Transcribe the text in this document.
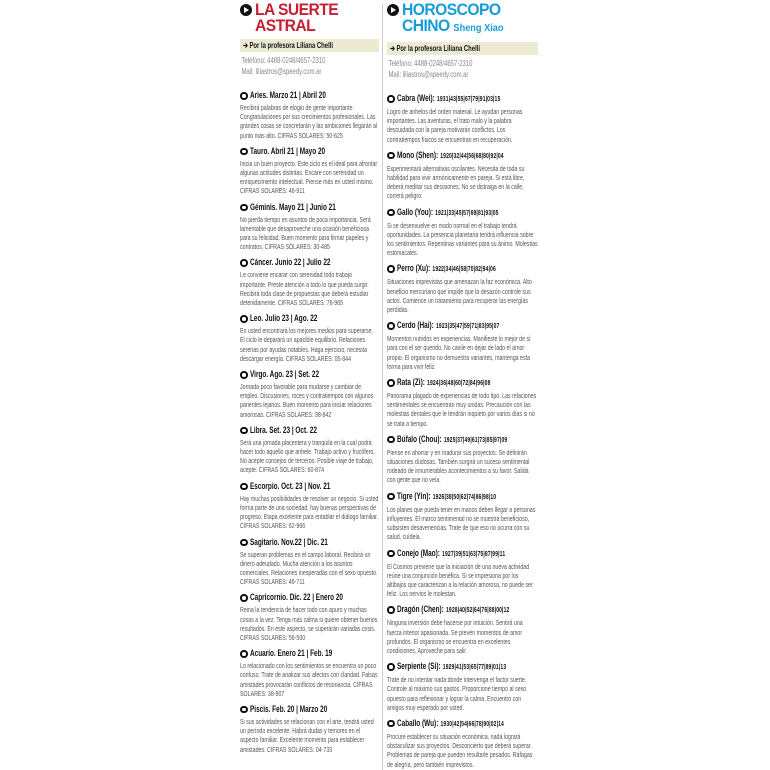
LA SUERTE
ASTRAL
➔Por la profesora Liliana Chelli
Teléfono: 4488-0248/4657-2310
Mail: liliastros@speedy.com.ar
Aries. Marzo 21 | Abril 20

Recibirá palabras de elogio de gente importante. Congratulaciones por sus crecimientos profesionales. Las grandes cosas se concretarán y las ambiciones llegarán al punto más alto. CIFRAS SOLARES: 50-625

Tauro. Abril 21 | Mayo 20

Inicia un buen proyecto. Este ciclo es el ideal para afrontar algunas actitudes distintas. Encare con serenidad un enriquecimiento intelectual. Piense más en usted mismo. CIFRAS SOLARES: 46-911

Géminis. Mayo 21 | Junio 21

No pierda tiempo en asuntos de poca importancia. Será lamentable que desaproveche una ocasión beneficiosa para su felicidad. Buen momento para firmar papeles y contratos. CIFRAS SOLARES: 30-485

Cáncer. Junio 22 | Julio 22

Le conviene encarar con serenidad todo trabajo importante. Preste atención a todo lo que pueda surgir. Recibirá toda clase de propuestas que deberá estudiar detenidamente. CIFRAS SOLARES: 76-965

Leo. Julio 23 | Ago. 22

En usted encontrará los mejores medios para superarse. El ciclo le deparará un apacible equilibrio. Relaciones serenas por ayudas notables. Haga ejercicio, necesita descargar energía. CIFRAS SOLARES: 05-844

Virgo. Ago. 23 | Set. 22

Jornada poco favorable para mudarse y cambiar de empleo. Discusiones, roces y contratiempos con algunos parientes lejanos. Buen momento para iniciar relaciones amorosas. CIFRAS SOLARES: 38-842

Libra. Set. 23 | Oct. 22

Será una jornada placentera y tranquila en la cual podrá hacer todo aquello que anhele. Trabajo activo y fructífero. No acepte consejos de terceros. Posible viaje de trabajo, acepte. CIFRAS SOLARES: 60-874

Escorpio. Oct. 23 | Nov. 21

Hay muchas posibilidades de resolver un negocio. Si usted forma parte de una sociedad, hay buenas perspectivas de progreso. Etapa excelente para entablar el diálogo familiar. CIFRAS SOLARES: 62-966

Sagitario. Nov.22 | Dic. 21

Se superan problemas en el campo laboral. Recibirá un dinero adeudado. Mucha atención a los asuntos comerciales. Relaciones inesperadas con el sexo opuesto. CIFRAS SOLARES: 46-711

Capricornio. Dic. 22 | Enero 20

Reina la tendencia de hacer todo con apuro y muchas cosas a la vez. Tenga más calma si quiere obtener buenos resultados. En este aspecto, se superarán variadas crisis. CIFRAS SOLARES: 56-500

Acuario. Enero 21 | Feb. 19

Lo relacionado con los sentimientos se encuentra un poco confuso. Trate de analizar sus afectos con claridad. Falsas amistades provocarán conflictos de resonancia. CIFRAS SOLARES: 38-907

Piscis. Feb. 20 | Marzo 20

Si sus actividades se relacionan con el arte, tendrá usted un período excelente. Habrá dudas y temores en el aspecto familiar. Excelente momento para establecer amistades. CIFRAS SOLARES: 04-733

HOROSCOPO
CHINO Sheng Xiao
➔Por la profesora Liliana Chelli
Teléfono: 4488-0248/4657-2310
Mail: liliastros@speedy.com.ar
Cabra (Wei): 1931|43|55|67|79|91|03|15

Logro de anhelos del orden material. Le ayudan personas importantes. Las aventuras, el trato malo y la palabra descuidada con la pareja motivarán conflictos. Los contratiempos físicos se encuentran en recuperación.

Mono (Shen): 1920|32|44|56|68|80|92|04

Experimentará alternativas oscilantes. Necesita de toda su habilidad para vivir armónicamente en pareja. Si está libre, deberá meditar sus decisiones. No se distraiga en la calle, correrá peligro.

Gallo (You): 1921|33|45|57|69|81|93|05

Si se desenvuelve en modo normal en el trabajo tendrá oportunidades. La presencia planetaria tendrá influencia sobre los sentimientos. Repentinas variantes para su ánimo. Molestias estomacales.

Perro (Xu): 1922|34|46|58|70|82|94|06

Situaciones imprevistas que amenazan la faz económica. Alto beneficio mercuriano que impide que la desazón controle sus actos. Comience un tratamiento para recuperar las energías perdidas.

Cerdo (Hai): 1923|35|47|59|71|83|95|07

Momentos nutridos en experiencias. Manifieste lo mejor de sí para con el ser querido. No cavile en dejar de lado el amor propio. El organismo no demuestra variantes, mantenga esta forma para vivir feliz.

Rata (Zi): 1924|36|48|60|72|84|96|08

Panorama plagado de experiencias de todo tipo. Las relaciones sentimentales se encuentran muy unidas. Precaución con las molestias dentales que le tendrán inquieto por varios días si no se trata a tiempo.

Búfalo (Chou): 1925|37|49|61|73|85|97|09

Piense en ahorrar y en madurar sus proyectos. Se definirán situaciones dudosas. También surgirá un suceso sentimental rodeado de innumerables acontecimientos a su favor. Salida con gente que no veía.

Tigre (Yin): 1926|38|50|62|74|86|98|10

Los planes que pueda tener en manos deben llegar a personas influyentes. El marco sentimental no se muestra beneficioso, subsisten desavenencias. Trate de que eso no ocurra con su salud, cuídela.

Conejo (Mao): 1927|39|51|63|75|87|99|11

El Cosmos previene que la iniciación de una nueva actividad reúne una conjunción benéfica. Si se impresiona por los altibajos que caracterizan a la relación amorosa, no puede ser feliz. Los nervios le molestan.

Dragón (Chen): 1928|40|52|64|76|88|00|12

Ninguna inversión debe hacerse por intuición. Sentirá una fuerza interior apasionada. Se prevén momentos de amor profundos. El organismo se encuentra en excelentes condiciones. Aproveche para salir.

Serpiente (Si): 1929|41|53|65|77|89|01|13

Trate de no intentar nada donde intervenga el factor suerte. Controle al máximo sus gastos. Proporcione tiempo al sexo opuesto para reflexionar y lograr la calma. Encuentro con amigos muy esperado por usted.

Caballo (Wu): 1930|42|54|66|78|90|02|14

Procure establecer su situación económica, nada logrará obstaculizar sus proyectos. Desconcierto que deberá superar. Problemas de pareja que pueden resultarle pesados. Ráfagas de alegría, pero también imprevistos.
